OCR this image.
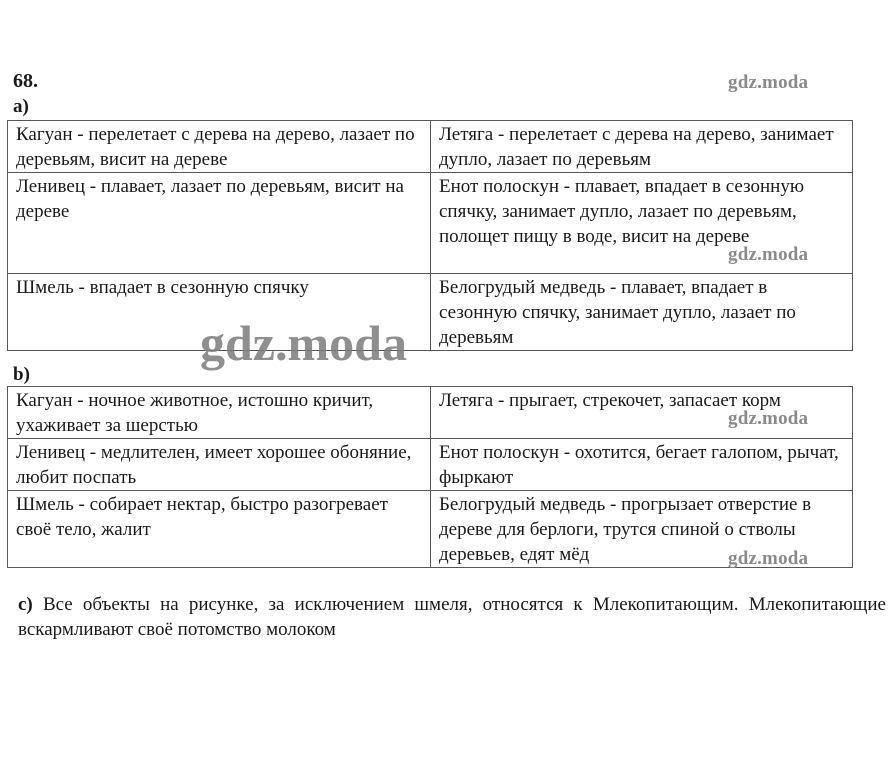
68.	gdz.moda
a)
Кагуан - перелетает с дерева на дерево, лазает по деревьям, висит на дереве	Летяга - перелетает с дерева на дерево, занимает дупло, лазает по деревьям
Ленивец - плавает, лазает по деревьям, висит на дереве	Енот полоскун - плавает, впадает в сезонную спячку, занимает дупло, лазает по деревьям, полощет пищу в воде, висит на дереве
Шмель - впадает в сезонную спячку	Белогрудый медведь - плавает, впадает в сезонную спячку, занимает дупло, лазает по деревьям
gdz.moda
gdz.moda
b)
Кагуан - ночное животное, истошно кричит, ухаживает за шерстью	Летяга - прыгает, стрекочет, запасает корм
Ленивец - медлителен, имеет хорошее обоняние, любит поспать	Енот полоскун - охотится, бегает галопом, рычат, фыркают
Шмель - собирает нектар, быстро разогревает своё тело, жалит	Белогрудый медведь - прогрызает отверстие в дереве для берлоги, трутся спиной о стволы деревьев, едят мёд
gdz.moda
gdz.moda
c) Все объекты на рисунке, за исключением шмеля, относятся к Млекопитающим. Млекопитающие вскармливают своё потомство молоком
